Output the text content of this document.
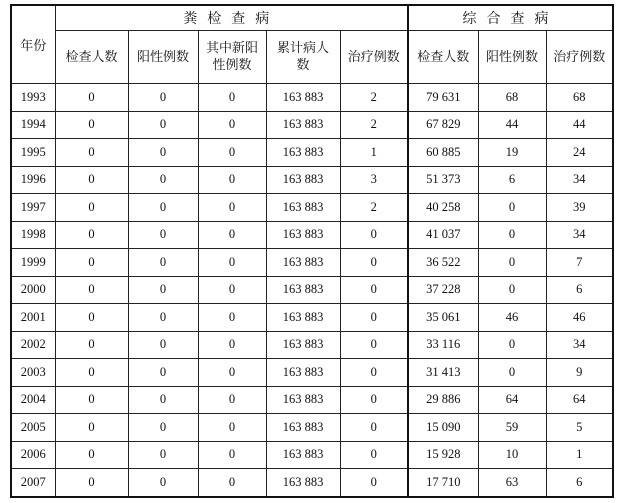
年份	粪检查病					综合查病		
	检查人数	阳性例数	其中新阳性例数	累计病人数	治疗例数	检查人数	阳性例数	治疗例数
1993	0	0	0	163 883	2	79 631	68	68
1994	0	0	0	163 883	2	67 829	44	44
1995	0	0	0	163 883	1	60 885	19	24
1996	0	0	0	163 883	3	51 373	6	34
1997	0	0	0	163 883	2	40 258	0	39
1998	0	0	0	163 883	0	41 037	0	34
1999	0	0	0	163 883	0	36 522	0	7
2000	0	0	0	163 883	0	37 228	0	6
2001	0	0	0	163 883	0	35 061	46	46
2002	0	0	0	163 883	0	33 116	0	34
2003	0	0	0	163 883	0	31 413	0	9
2004	0	0	0	163 883	0	29 886	64	64
2005	0	0	0	163 883	0	15 090	59	5
2006	0	0	0	163 883	0	15 928	10	1
2007	0	0	0	163 883	0	17 710	63	6
